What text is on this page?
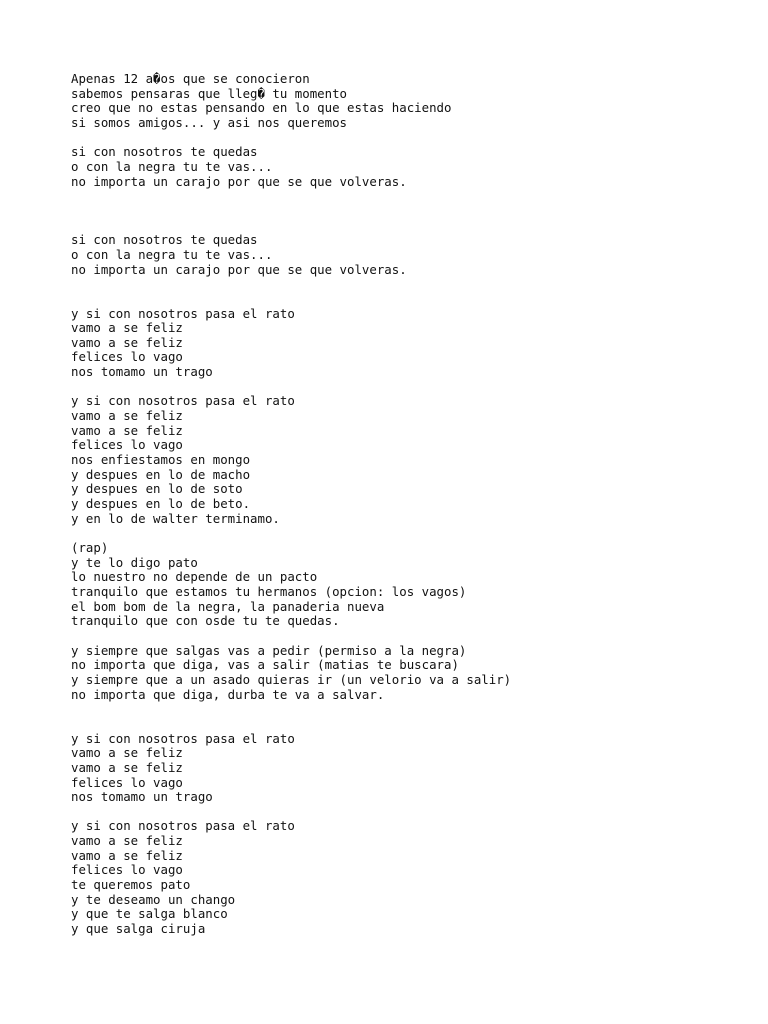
Apenas 12 a�os que se conocieron
sabemos pensaras que lleg� tu momento
creo que no estas pensando en lo que estas haciendo
si somos amigos... y asi nos queremos
si con nosotros te quedas
o con la negra tu te vas...
no importa un carajo por que se que volveras.
si con nosotros te quedas
o con la negra tu te vas...
no importa un carajo por que se que volveras.
y si con nosotros pasa el rato
vamo a se feliz
vamo a se feliz
felices lo vago
nos tomamo un trago
y si con nosotros pasa el rato
vamo a se feliz
vamo a se feliz
felices lo vago
nos enfiestamos en mongo
y despues en lo de macho
y despues en lo de soto
y despues en lo de beto.
y en lo de walter terminamo.
(rap)
y te lo digo pato
lo nuestro no depende de un pacto
tranquilo que estamos tu hermanos (opcion: los vagos)
el bom bom de la negra, la panaderia nueva
tranquilo que con osde tu te quedas.
y siempre que salgas vas a pedir (permiso a la negra)
no importa que diga, vas a salir (matias te buscara)
y siempre que a un asado quieras ir (un velorio va a salir)
no importa que diga, durba te va a salvar.
y si con nosotros pasa el rato
vamo a se feliz
vamo a se feliz
felices lo vago
nos tomamo un trago
y si con nosotros pasa el rato
vamo a se feliz
vamo a se feliz
felices lo vago
te queremos pato
y te deseamo un chango
y que te salga blanco
y que salga ciruja
